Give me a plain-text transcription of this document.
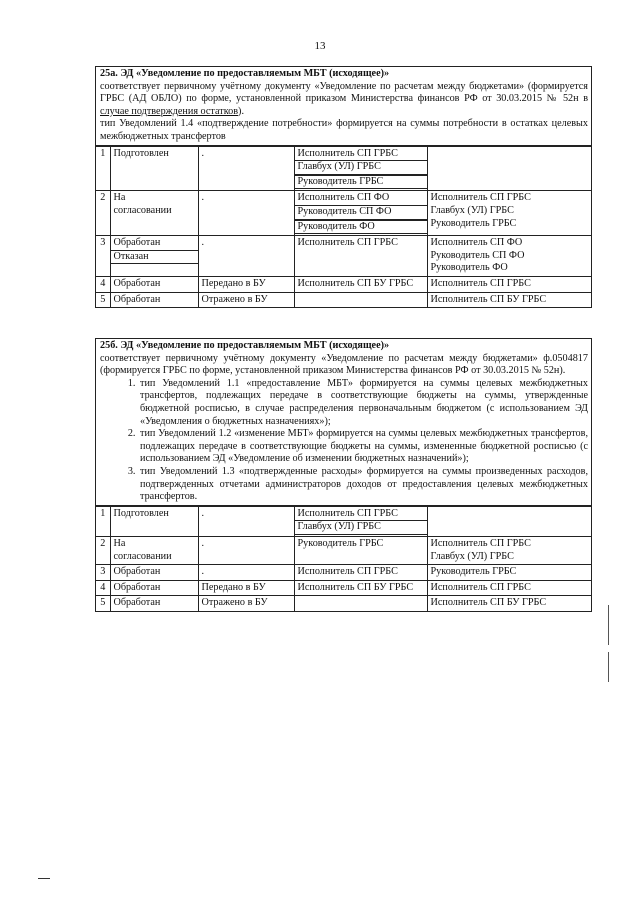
13

25а. ЭД «Уведомление по предоставляемым МБТ (исходящее)»

соответствует первичному учётному документу «Уведомление по расчетам между бюджетами» (формируется ГРБС (АД ОБЛО) по форме, установленной приказом Министерства финансов РФ от 30.03.2015 № 52н в случае подтверждения остатков).

тип Уведомлений 1.4 «подтверждение потребности» формируется на суммы потребности в остатках целевых межбюджетных трансфертов

1	Подготовлен	.	Исполнитель СП ГРБС
Главбух (УЛ) ГРБС
Руководитель ГРБС	

2	На
согласовании	.	Исполнитель СП ФО
Руководитель СП ФО
Руководитель ФО	Исполнитель СП ГРБС
Главбух (УЛ) ГРБС
Руководитель ГРБС

3	Обработан
Отказан	.	Исполнитель СП ГРБС	Исполнитель СП ФО
Руководитель СП ФО
Руководитель ФО

4	Обработан	Передано в БУ	Исполнитель СП БУ ГРБС	Исполнитель СП ГРБС

5	Обработан	Отражено в БУ		Исполнитель СП БУ ГРБС

25б. ЭД «Уведомление по предоставляемым МБТ (исходящее)»

соответствует первичному учётному документу «Уведомление по расчетам между бюджетами» ф.0504817 (формируется ГРБС по форме, установленной приказом Министерства финансов РФ от 30.03.2015 № 52н).

1. тип Уведомлений 1.1 «предоставление МБТ» формируется на суммы целевых межбюджетных трансфертов, подлежащих передаче в соответствующие бюджеты на суммы, утвержденные бюджетной росписью, в случае распределения первоначальным бюджетом (с использованием ЭД «Уведомления о бюджетных назначениях»);
2. тип Уведомлений 1.2 «изменение МБТ» формируется на суммы целевых межбюджетных трансфертов, подлежащих передаче в соответствующие бюджеты на суммы, измененные бюджетной росписью (с использованием ЭД «Уведомление об изменении бюджетных назначений»);
3. тип Уведомлений 1.3 «подтвержденные расходы» формируется на суммы произведенных расходов, подтвержденных отчетами администраторов доходов от предоставления целевых межбюджетных трансфертов.
1	Подготовлен	.	Исполнитель СП ГРБС
Главбух (УЛ) ГРБС	

2	На
согласовании	.	Руководитель ГРБС	Исполнитель СП ГРБС
Главбух (УЛ) ГРБС

3	Обработан	.	Исполнитель СП ГРБС	Руководитель ГРБС

4	Обработан	Передано в БУ	Исполнитель СП БУ ГРБС	Исполнитель СП ГРБС

5	Обработан	Отражено в БУ		Исполнитель СП БУ ГРБС
